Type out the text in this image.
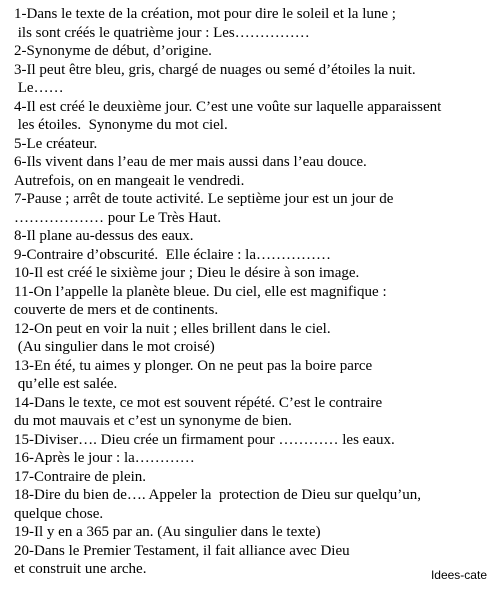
1-Dans le texte de la création, mot pour dire le soleil et la lune ;
ils sont créés le quatrième jour : Les……………
2-Synonyme de début, d’origine.
3-Il peut être bleu, gris, chargé de nuages ou semé d’étoiles la nuit.
Le……
4-Il est créé le deuxième jour. C’est une voûte sur laquelle apparaissent
les étoiles.  Synonyme du mot ciel.
5-Le créateur.
6-Ils vivent dans l’eau de mer mais aussi dans l’eau douce.
Autrefois, on en mangeait le vendredi.
7-Pause ; arrêt de toute activité. Le septième jour est un jour de
……………… pour Le Très Haut.
8-Il plane au-dessus des eaux.
9-Contraire d’obscurité.  Elle éclaire : la……………
10-Il est créé le sixième jour ; Dieu le désire à son image.
11-On l’appelle la planète bleue. Du ciel, elle est magnifique :
couverte de mers et de continents.
12-On peut en voir la nuit ; elles brillent dans le ciel.
(Au singulier dans le mot croisé)
13-En été, tu aimes y plonger. On ne peut pas la boire parce
qu’elle est salée.
14-Dans le texte, ce mot est souvent répété. C’est le contraire
du mot mauvais et c’est un synonyme de bien.
15-Diviser…. Dieu crée un firmament pour ………… les eaux.
16-Après le jour : la…………
17-Contraire de plein.
18-Dire du bien de…. Appeler la  protection de Dieu sur quelqu’un,
quelque chose.
19-Il y en a 365 par an. (Au singulier dans le texte)
20-Dans le Premier Testament, il fait alliance avec Dieu
et construit une arche.	Idees-cate
